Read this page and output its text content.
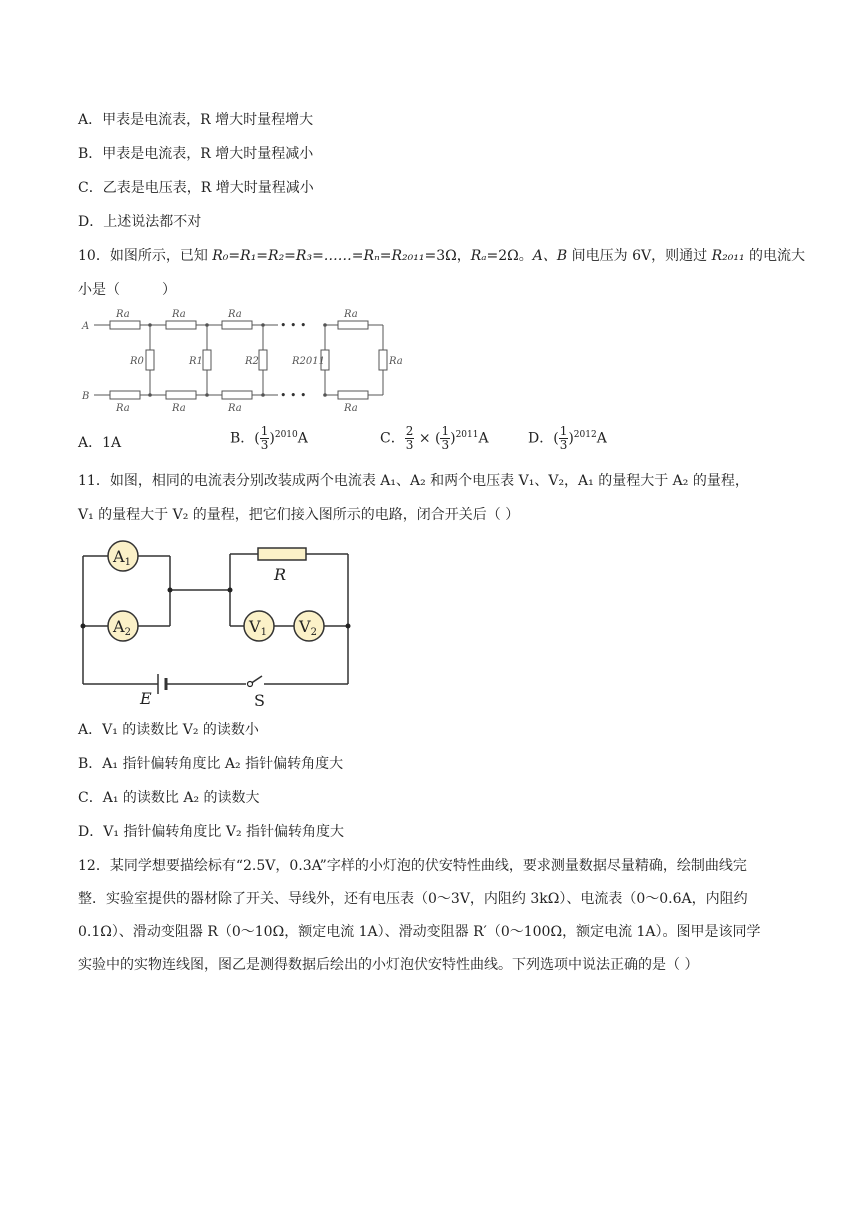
A．甲表是电流表，R 增大时量程增大
B．甲表是电流表，R 增大时量程减小
C．乙表是电压表，R 增大时量程减小
D．上述说法都不对
10．如图所示，已知 R₀=R₁=R₂=R₃=……=Rₙ=R₂₀₁₁=3Ω，Rₐ=2Ω。A、B 间电压为 6V，则通过 R₂₀₁₁ 的电流大
小是（　　　）
A
B
Ra	Ra	Ra	Ra
Ra	Ra	Ra	Ra
R0	R1	R2	R2011	Ra
• • •
• • •
A．1A	B．( $\frac{1}{3} )^{2010}A$	C． $\frac{2}{3}$ × ( $\frac{1}{3} )^{2011}A$	D．( $\frac{1}{3} )^{2012}A$
11．如图，相同的电流表分别改装成两个电流表 A₁、A₂ 和两个电压表 V₁、V₂，A₁ 的量程大于 A₂ 的量程，
V₁ 的量程大于 V₂ 的量程，把它们接入图所示的电路，闭合开关后（ ）
A1
A2	V1 V2
R
E	S
A．V₁ 的读数比 V₂ 的读数小
B．A₁ 指针偏转角度比 A₂ 指针偏转角度大
C．A₁ 的读数比 A₂ 的读数大
D．V₁ 指针偏转角度比 V₂ 指针偏转角度大
12．某同学想要描绘标有“2.5V，0.3A”字样的小灯泡的伏安特性曲线，要求测量数据尽量精确，绘制曲线完
整．实验室提供的器材除了开关、导线外，还有电压表（0～3V，内阻约 3kΩ）、电流表（0～0.6A，内阻约
0.1Ω）、滑动变阻器 R（0～10Ω，额定电流 1A）、滑动变阻器 R′（0～100Ω，额定电流 1A）。图甲是该同学
实验中的实物连线图，图乙是测得数据后绘出的小灯泡伏安特性曲线。下列选项中说法正确的是（ ）
